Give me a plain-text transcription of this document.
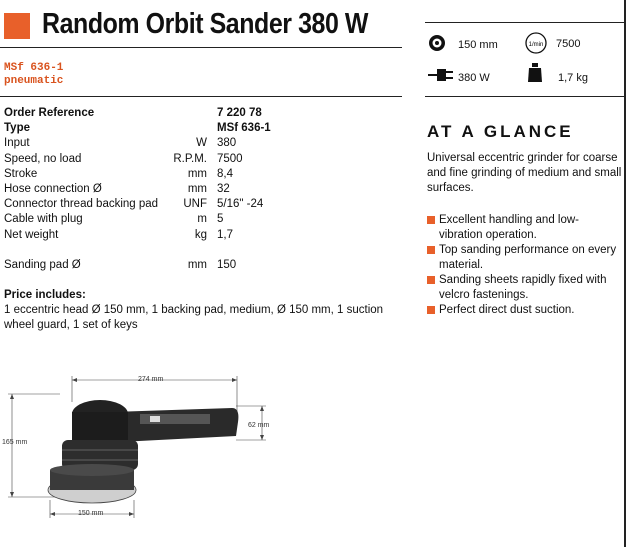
Random Orbit Sander 380 W
MSf 636-1
pneumatic
150 mm	1/min 7500
380 W	1,7 kg
Order Reference	7 220 78
Type	MSf 636-1
Input	W 380
Speed, no load	R.P.M. 7500
Stroke	mm 8,4
Hose connection Ø	mm 32
Connector thread backing pad	UNF 5/16" -24
Cable with plug	m 5
Net weight	kg 1,7
Sanding pad Ø	mm 150
Price includes:
1 eccentric head Ø 150 mm, 1 backing pad, medium, Ø 150 mm, 1 suction wheel guard, 1 set of keys
AT A GLANCE
Universal eccentric grinder for coarse and fine grinding of medium and small surfaces.
Excellent handling and low-vibration operation.
Top sanding performance on every material.
Sanding sheets rapidly fixed with velcro fastenings.
Perfect direct dust suction.
274 mm
165 mm
62 mm
150 mm
